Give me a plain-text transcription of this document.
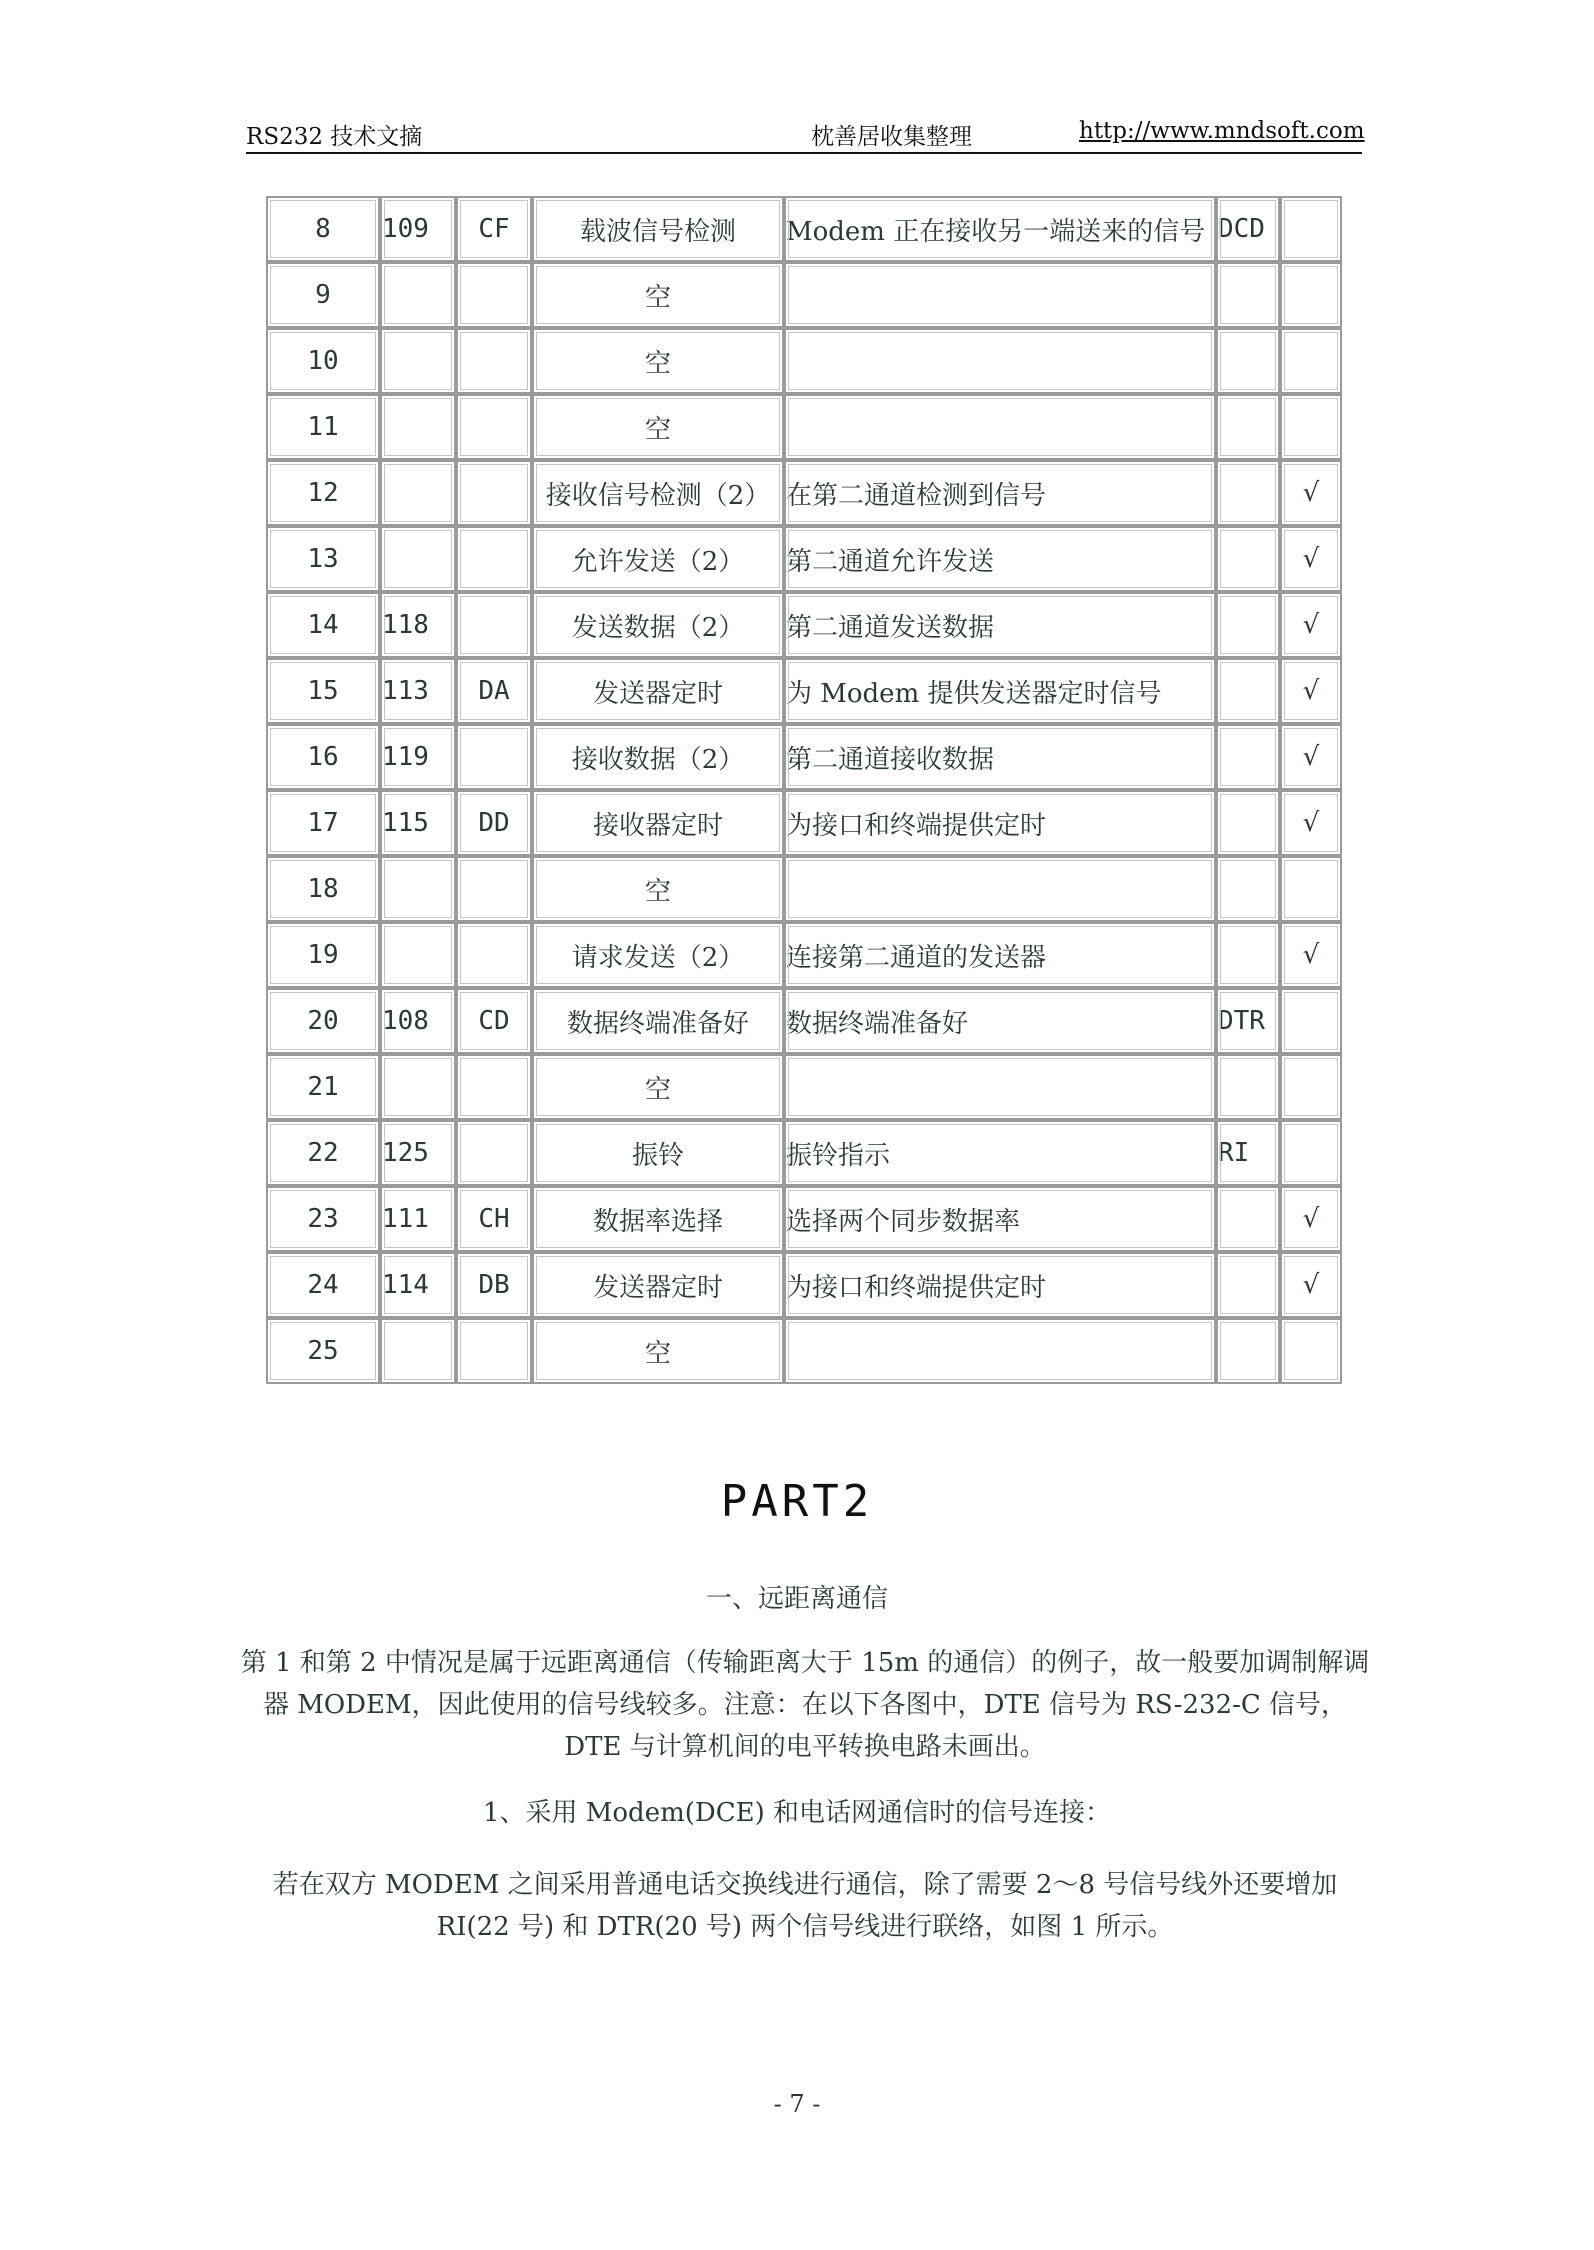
RS232 技术文摘	枕善居收集整理	http://www.mndsoft.com
8	109	CF	载波信号检测	Modem 正在接收另一端送来的信号	DCD	
9			空			
10			空			
11			空			
12			接收信号检测（2）	在第二通道检测到信号		√
13			允许发送（2）	第二通道允许发送		√
14	118		发送数据（2）	第二通道发送数据		√
15	113	DA	发送器定时	为 Modem 提供发送器定时信号		√
16	119		接收数据（2）	第二通道接收数据		√
17	115	DD	接收器定时	为接口和终端提供定时		√
18			空			
19			请求发送（2）	连接第二通道的发送器		√
20	108	CD	数据终端准备好	数据终端准备好	DTR	
21			空			
22	125		振铃	振铃指示	RI	
23	111	CH	数据率选择	选择两个同步数据率		√
24	114	DB	发送器定时	为接口和终端提供定时		√
25			空			
PART2
一、远距离通信
第 1 和第 2 中情况是属于远距离通信（传输距离大于 15m 的通信）的例子，故一般要加调制解调器 MODEM，因此使用的信号线较多。注意：在以下各图中，DTE 信号为 RS-232-C 信号，DTE 与计算机间的电平转换电路未画出。
1、采用 Modem(DCE) 和电话网通信时的信号连接：
若在双方 MODEM 之间采用普通电话交换线进行通信，除了需要 2～8 号信号线外还要增加 RI(22 号) 和 DTR(20 号) 两个信号线进行联络，如图 1 所示。
- 7 -
